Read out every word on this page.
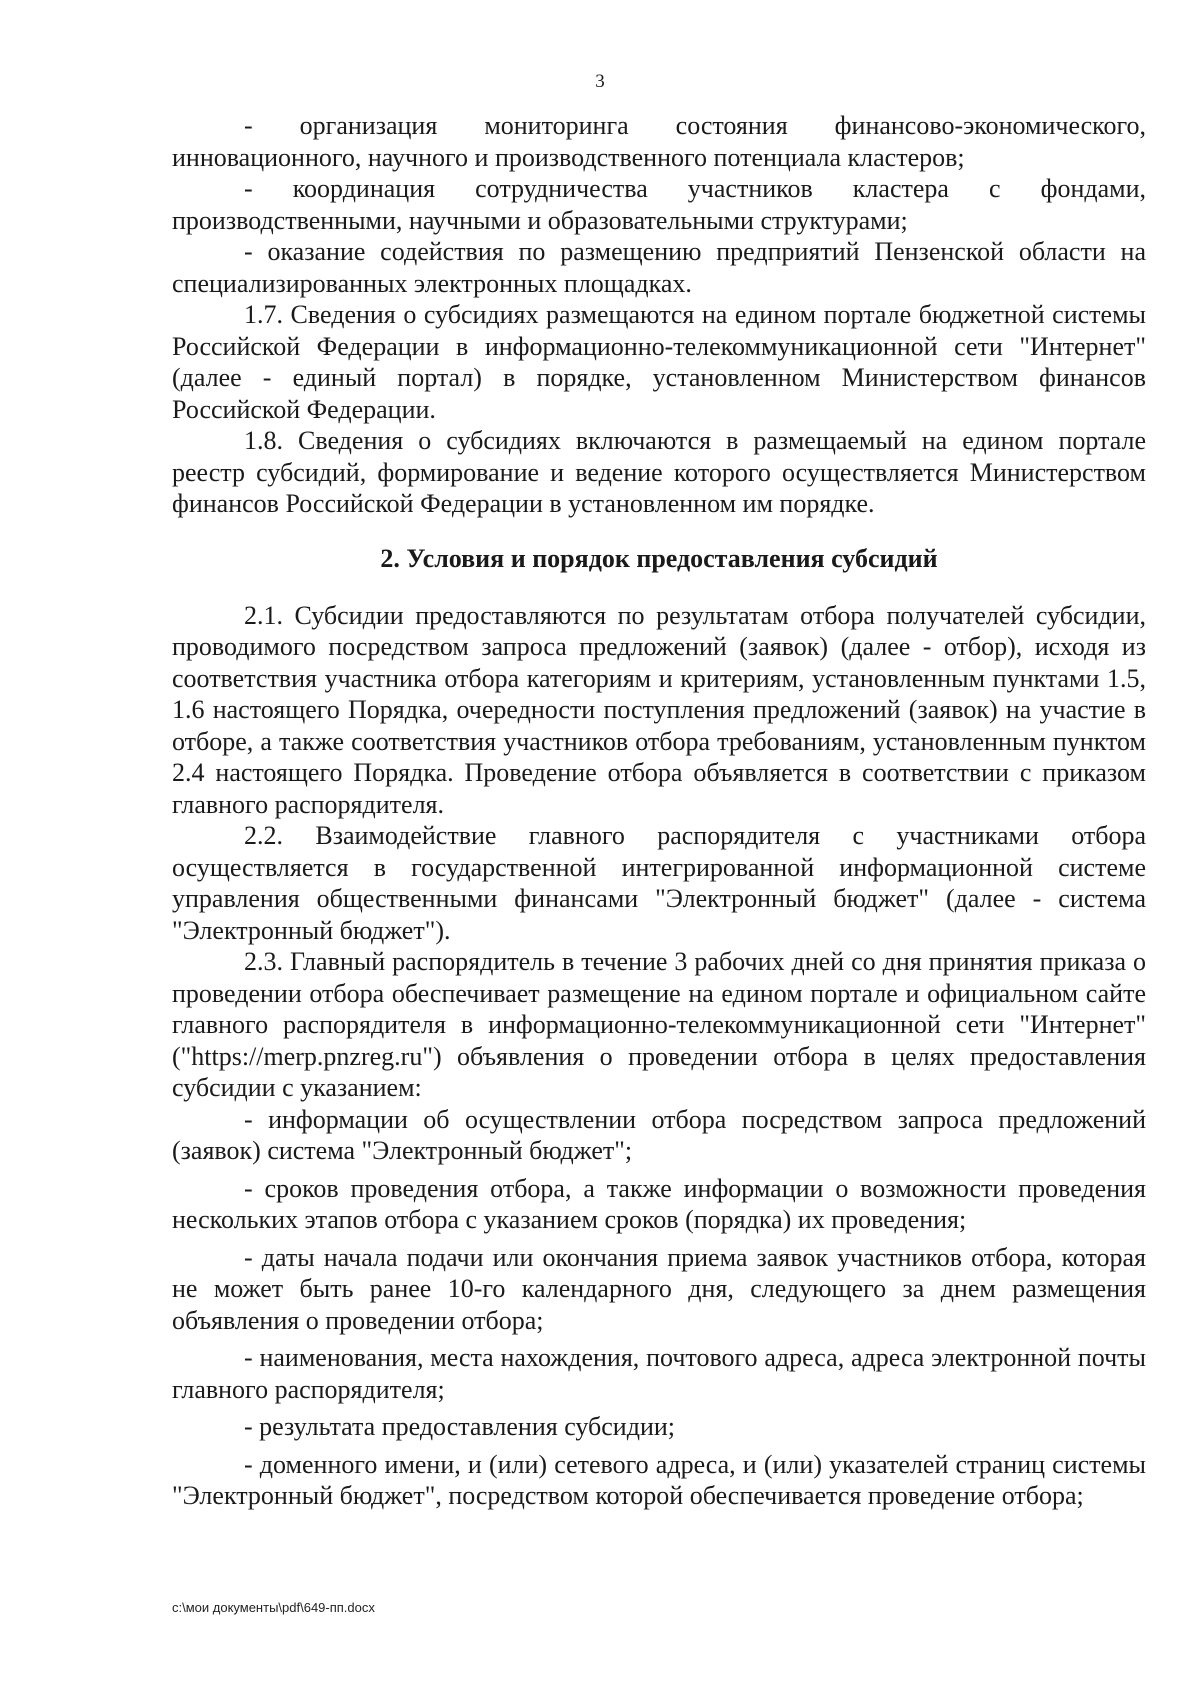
3

- организация мониторинга состояния финансово-экономического, инновационного, научного и производственного потенциала кластеров;

- координация сотрудничества участников кластера с фондами, производственными, научными и образовательными структурами;

- оказание содействия по размещению предприятий Пензенской области на специализированных электронных площадках.

1.7. Сведения о субсидиях размещаются на едином портале бюджетной системы Российской Федерации в информационно-телекоммуникационной сети "Интернет" (далее - единый портал) в порядке, установленном Министерством финансов Российской Федерации.

1.8. Сведения о субсидиях включаются в размещаемый на едином портале реестр субсидий, формирование и ведение которого осуществляется Министерством финансов Российской Федерации в установленном им порядке.

2. Условия и порядок предоставления субсидий

2.1. Субсидии предоставляются по результатам отбора получателей субсидии, проводимого посредством запроса предложений (заявок) (далее - отбор), исходя из соответствия участника отбора категориям и критериям, установленным пунктами 1.5, 1.6 настоящего Порядка, очередности поступления предложений (заявок) на участие в отборе, а также соответствия участников отбора требованиям, установленным пунктом 2.4 настоящего Порядка. Проведение отбора объявляется в соответствии с приказом главного распорядителя.

2.2. Взаимодействие главного распорядителя с участниками отбора осуществляется в государственной интегрированной информационной системе управления общественными финансами "Электронный бюджет" (далее - система "Электронный бюджет").

2.3. Главный распорядитель в течение 3 рабочих дней со дня принятия приказа о проведении отбора обеспечивает размещение на едином портале и официальном сайте главного распорядителя в информационно-телекоммуникационной сети "Интернет" ("https://merp.pnzreg.ru") объявления о проведении отбора в целях предоставления субсидии с указанием:

- информации об осуществлении отбора посредством запроса предложений (заявок) система "Электронный бюджет";

- сроков проведения отбора, а также информации о возможности проведения нескольких этапов отбора с указанием сроков (порядка) их проведения;

- даты начала подачи или окончания приема заявок участников отбора, которая не может быть ранее 10-го календарного дня, следующего за днем размещения объявления о проведении отбора;

- наименования, места нахождения, почтового адреса, адреса электронной почты главного распорядителя;

- результата предоставления субсидии;

- доменного имени, и (или) сетевого адреса, и (или) указателей страниц системы "Электронный бюджет", посредством которой обеспечивается проведение отбора;

c:\мои документы\pdf\649-пп.docx
